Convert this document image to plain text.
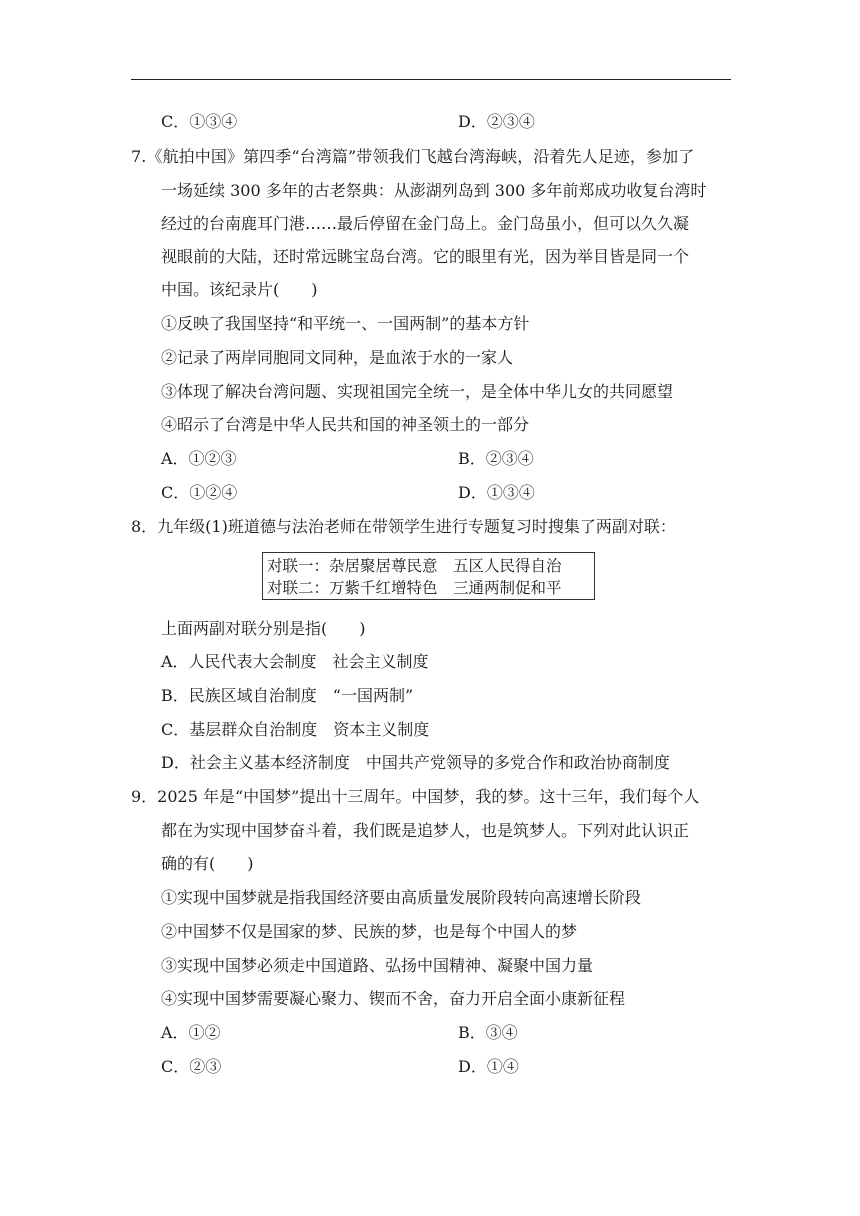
C．①③④	D．②③④
7.《航拍中国》第四季“台湾篇”带领我们飞越台湾海峡，沿着先人足迹，参加了
一场延续 300 多年的古老祭典：从澎湖列岛到 300 多年前郑成功收复台湾时
经过的台南鹿耳门港……最后停留在金门岛上。金门岛虽小，但可以久久凝
视眼前的大陆，还时常远眺宝岛台湾。它的眼里有光，因为举目皆是同一个
中国。该纪录片(　　)
①反映了我国坚持“和平统一、一国两制”的基本方针
②记录了两岸同胞同文同种，是血浓于水的一家人
③体现了解决台湾问题、实现祖国完全统一，是全体中华儿女的共同愿望
④昭示了台湾是中华人民共和国的神圣领土的一部分
A．①②③	B．②③④
C．①②④	D．①③④
8．九年级(1)班道德与法治老师在带领学生进行专题复习时搜集了两副对联：
对联一：杂居聚居尊民意　五区人民得自治
对联二：万紫千红增特色　三通两制促和平
上面两副对联分别是指(　　)
A．人民代表大会制度　社会主义制度
B．民族区域自治制度　“一国两制”
C．基层群众自治制度　资本主义制度
D．社会主义基本经济制度　中国共产党领导的多党合作和政治协商制度
9．2025 年是“中国梦”提出十三周年。中国梦，我的梦。这十三年，我们每个人
都在为实现中国梦奋斗着，我们既是追梦人，也是筑梦人。下列对此认识正
确的有(　　)
①实现中国梦就是指我国经济要由高质量发展阶段转向高速增长阶段
②中国梦不仅是国家的梦、民族的梦，也是每个中国人的梦
③实现中国梦必须走中国道路、弘扬中国精神、凝聚中国力量
④实现中国梦需要凝心聚力、锲而不舍，奋力开启全面小康新征程
A．①②	B．③④
C．②③	D．①④
